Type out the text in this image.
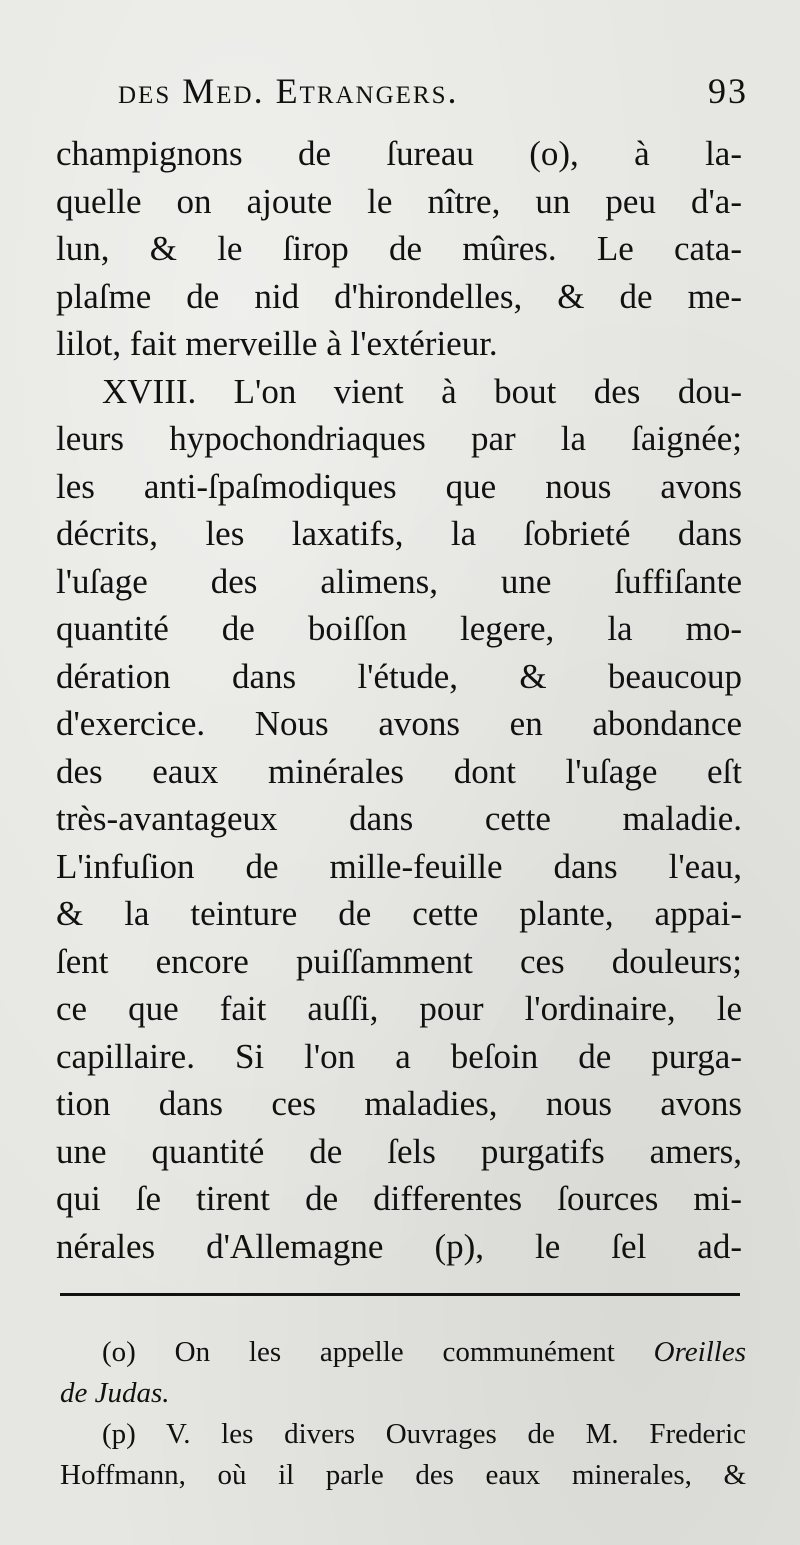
des Med. Etrangers.	93
champignons de ſureau (o), à la-
quelle on ajoute le nître, un peu d'a-
lun, & le ſirop de mûres. Le cata-
plaſme de nid d'hirondelles, & de me-
lilot, fait merveille à l'extérieur.
XVIII. L'on vient à bout des dou-
leurs hypochondriaques par la ſaignée;
les anti-ſpaſmodiques que nous avons
décrits, les laxatifs, la ſobrieté dans
l'uſage des alimens, une ſuffiſante
quantité de boiſſon legere, la mo-
dération dans l'étude, & beaucoup
d'exercice. Nous avons en abondance
des eaux minérales dont l'uſage eſt
très-avantageux dans cette maladie.
L'infuſion de mille-feuille dans l'eau,
& la teinture de cette plante, appai-
ſent encore puiſſamment ces douleurs;
ce que fait auſſi, pour l'ordinaire, le
capillaire. Si l'on a beſoin de purga-
tion dans ces maladies, nous avons
une quantité de ſels purgatifs amers,
qui ſe tirent de differentes ſources mi-
nérales d'Allemagne (p), le ſel ad-
(o) On les appelle communément Oreilles
de Judas.
(p) V. les divers Ouvrages de M. Frederic
Hoffmann, où il parle des eaux minerales, &
